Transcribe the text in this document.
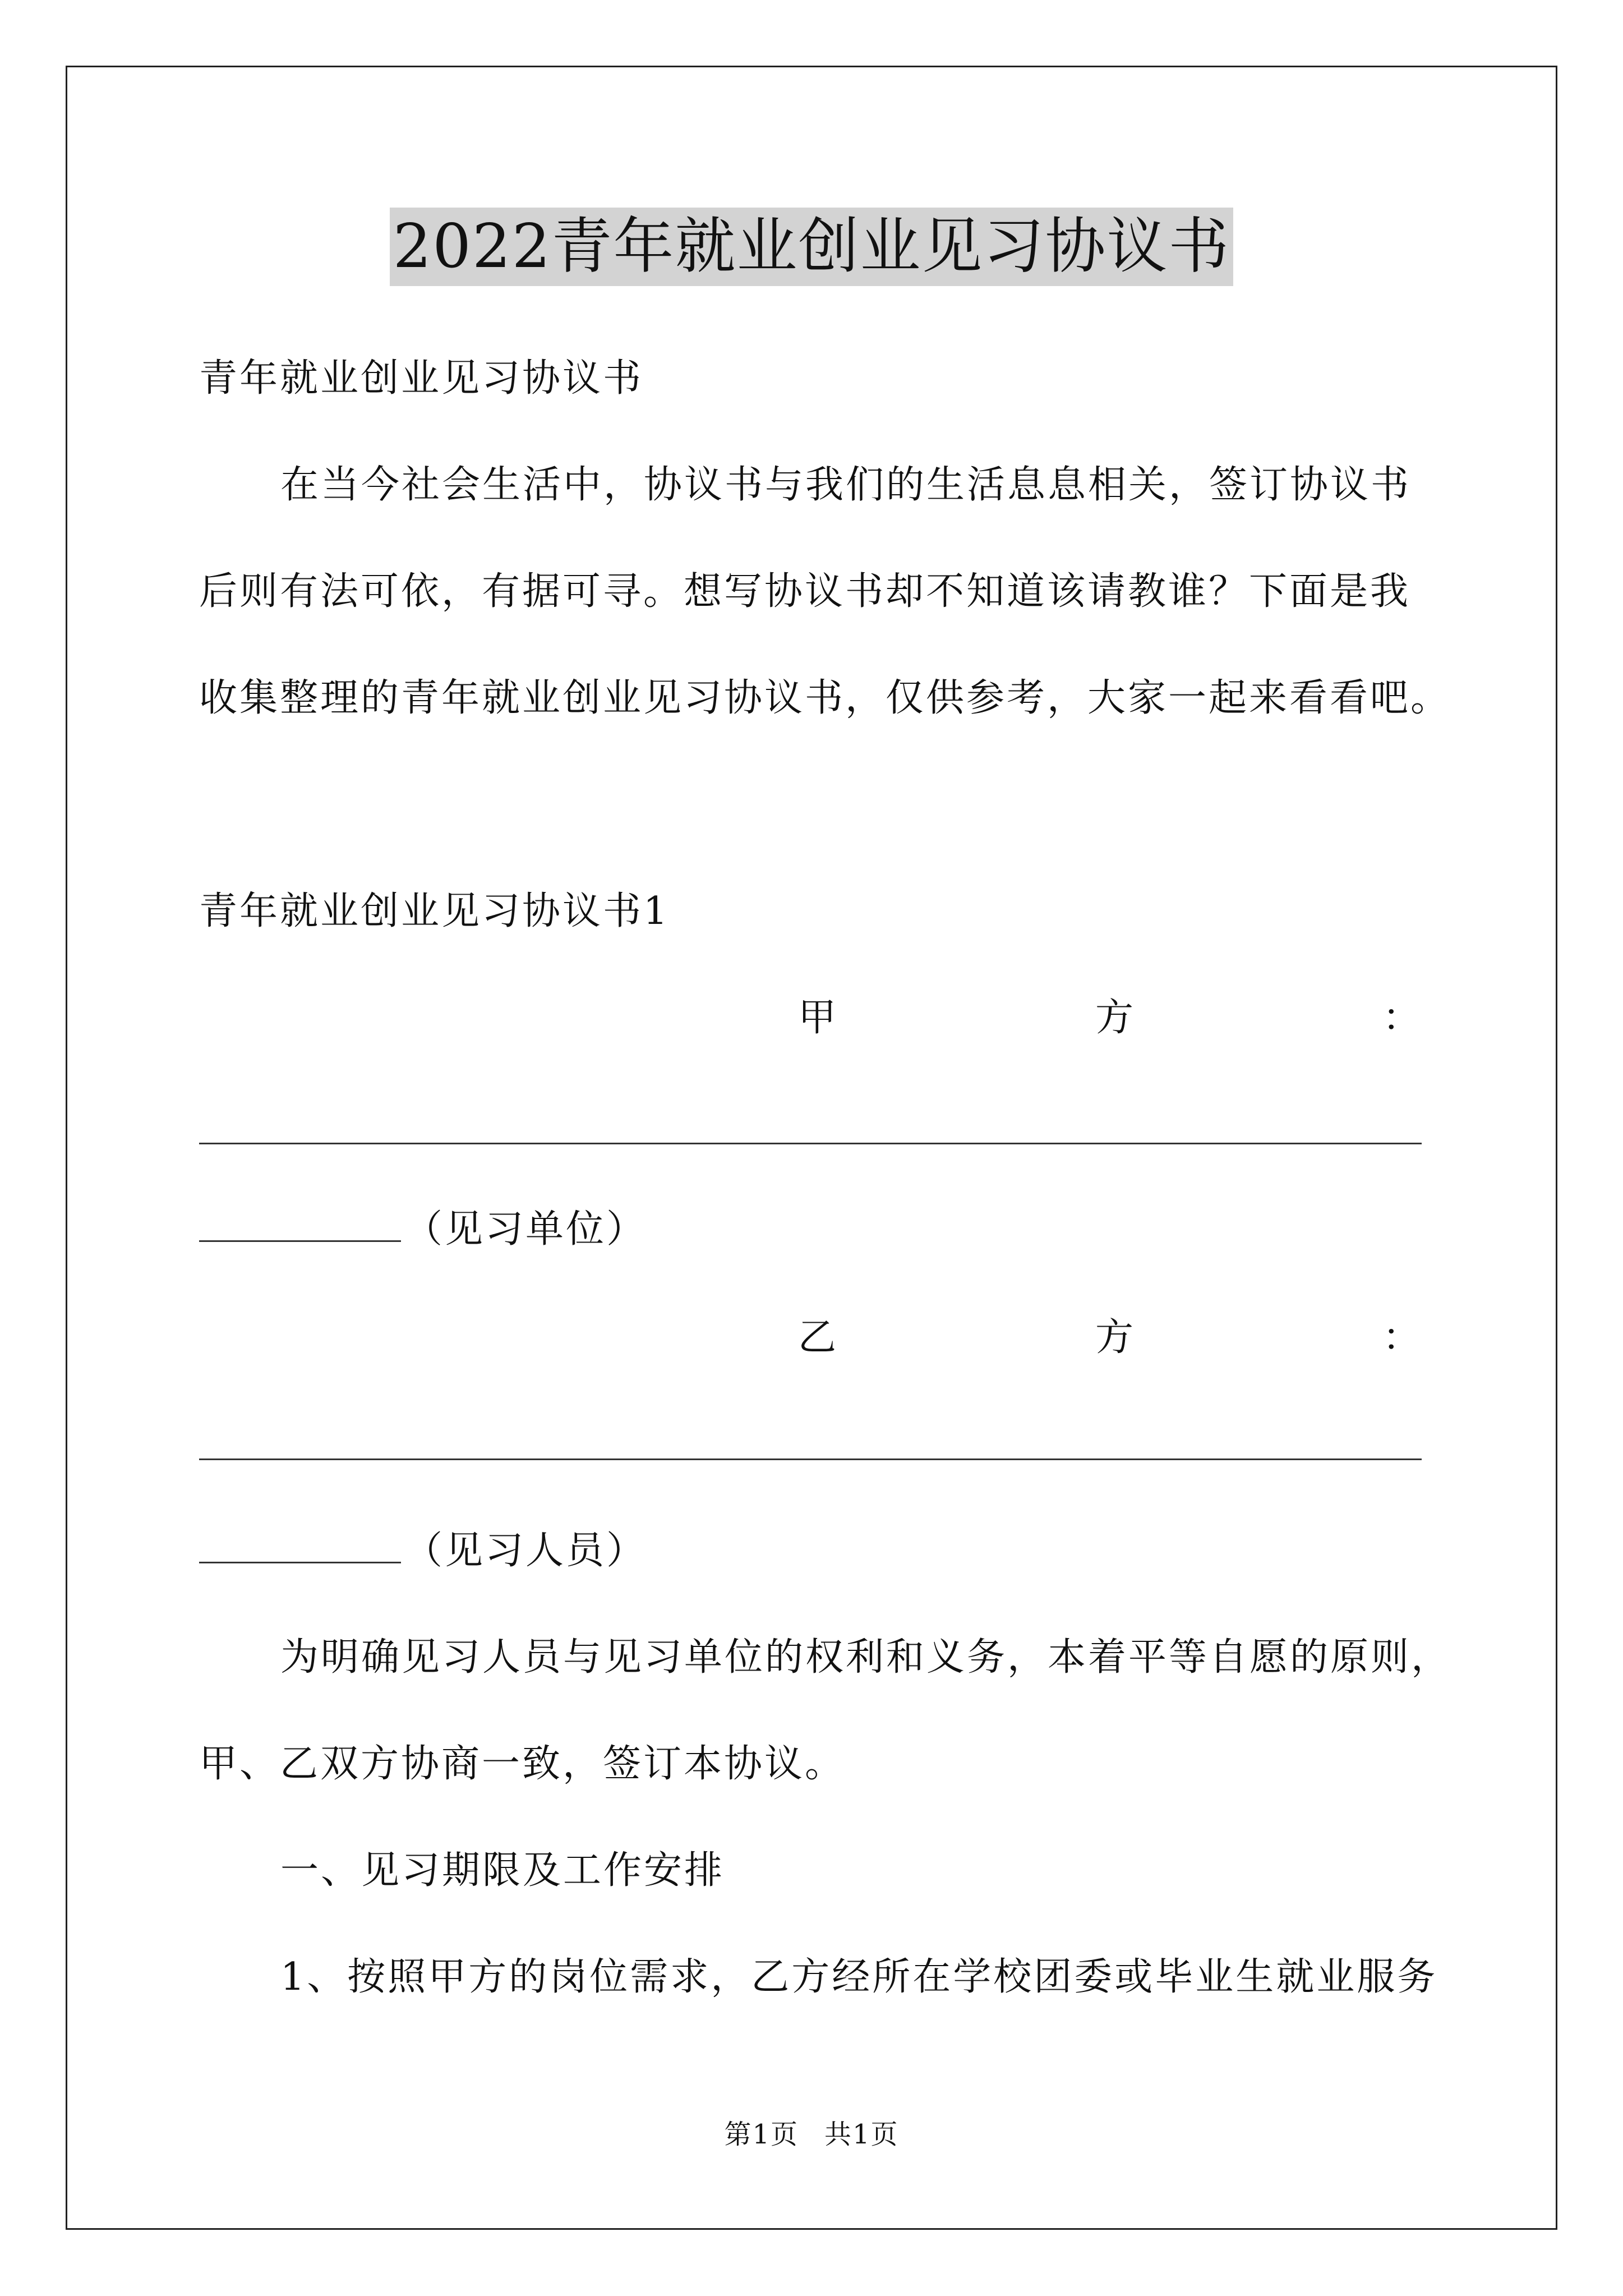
2022青年就业创业见习协议书
青年就业创业见习协议书
在当今社会生活中，协议书与我们的生活息息相关，签订协议书
后则有法可依，有据可寻。想写协议书却不知道该请教谁？下面是我
收集整理的青年就业创业见习协议书，仅供参考，大家一起来看看吧。
青年就业创业见习协议书1
甲	方	：
（见习单位）
乙	方	：
（见习人员）
为明确见习人员与见习单位的权利和义务，本着平等自愿的原则，
甲、乙双方协商一致，签订本协议。
一、见习期限及工作安排
1、按照甲方的岗位需求，乙方经所在学校团委或毕业生就业服务
第1页 共1页
